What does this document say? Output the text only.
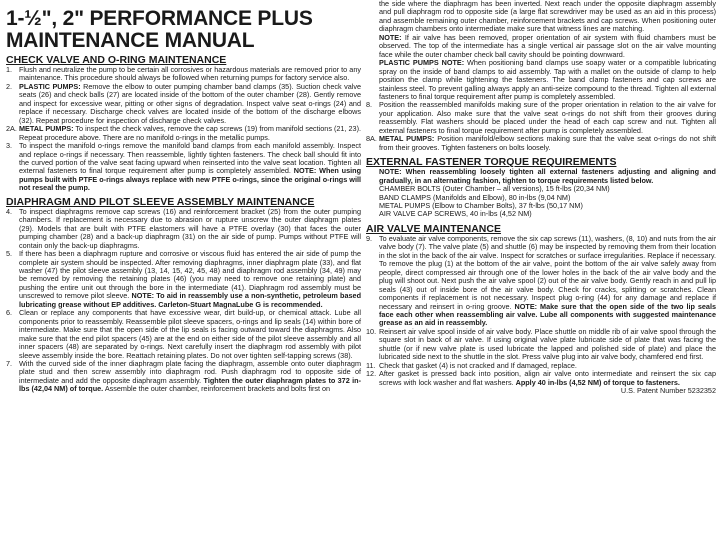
1-½", 2" PERFORMANCE PLUS
MAINTENANCE MANUAL
CHECK VALVE AND O-RING MAINTENANCE
1. Flush and neutralize the pump to be certain all corrosives or hazardous materials are removed prior to any maintenance. This procedure should always be followed when returning pumps for factory service also.
2. PLASTIC PUMPS: Remove the elbow to outer pumping chamber band clamps (35). Suction check valve seats (26) and check balls (27) are located inside of the bottom of the outer chamber (28). Gently remove and inspect for excessive wear, pitting or other signs of degradation. Inspect valve seat o-rings (24) and replace if necessary. Discharge check valves are located inside of the bottom of the discharge elbows (32). Repeat procedure for inspection of discharge check valves.
2A. METAL PUMPS: To inspect the check valves, remove the cap screws (19) from manifold sections (21, 23). Repeat procedure above. There are no manifold o-rings in the metallic pumps.
3. To inspect the manifold o-rings remove the manifold band clamps from each manifold assembly. Inspect and replace o-rings if necessary. Then reassemble, lightly tighten fasteners. The check ball should fit into the curved portion of the valve seat facing upward when reinserted into the valve seat location. Tighten all external fasteners to final torque requirement after pump is completely assembled. NOTE: When using pumps built with PTFE o-rings always replace with new PTFE o-rings, since the original o-rings will not reseal the pump.
DIAPHRAGM AND PILOT SLEEVE ASSEMBLY MAINTENANCE
4. To inspect diaphragms remove cap screws (16) and reinforcement bracket (25) from the outer pumping chambers. If replacement is necessary due to abrasion or rupture unscrew the outer diaphragm plates (29). Models that are built with PTFE elastomers will have a PTFE overlay (30) that faces the outer pumping chamber (28) and a back-up diaphragm (31) on the air side of pump. Pumps without PTFE will contain only the back-up diaphragms.
5. If there has been a diaphragm rupture and corrosive or viscous fluid has entered the air side of pump the complete air system should be inspected. After removing diaphragms, inner diaphragm plate (33), and flat washer (47) the pilot sleeve assembly (13, 14, 15, 42, 45, 48) and diaphragm rod assembly (34, 49) may be removed by removing the retaining plates (46) (you may need to remove one retaining plate) and pushing the entire unit out through the bore in the intermediate (41). Diaphragm rod assembly must be unscrewed to remove pilot sleeve. NOTE: To aid in reassembly use a non-synthetic, petroleum based lubricating grease without EP additives. Carleton-Stuart MagnaLube G is recommended.
6. Clean or replace any components that have excessive wear, dirt build-up, or chemical attack. Lube all components prior to reassembly. Reassemble pilot sleeve spacers, o-rings and lip seals (14) within bore of intermediate. Make sure that the open side of the lip seals is facing outward toward the diaphragms. Also make sure that the end pilot spacers (45) are at the end on either side of the pilot sleeve assembly and all inner spacers (48) are separated by o-rings. Next carefully insert the diaphragm rod assembly with pilot sleeve assembly inside the bore. Reattach retaining plates. Do not over tighten self-tapping screws (38).
7. With the curved side of the inner diaphragm plate facing the diaphragm, assemble onto outer diaphragm plate stud and then screw assembly into diaphragm rod. Push diaphragm rod to opposite side of intermediate and add the opposite diaphragm assembly. Tighten the outer diaphragm plates to 372 in-lbs (42,04 NM) of torque. Assemble the outer chamber, reinforcement brackets and bolts first on
the side where the diaphragm has been inverted. Next reach under the opposite diaphragm assembly and pull diaphragm rod to opposite side (a large flat screwdriver may be used as an aid in this process) and assemble remaining outer chamber, reinforcement brackets and cap screws. When positioning outer diaphragm chambers onto intermediate make sure that witness lines are matching.
NOTE: If air valve has been removed, proper orientation of air system with fluid chambers must be observed. The top of the intermediate has a single vertical air passage slot on the air valve mounting face while the outer chamber check ball cavity should be pointing downward.
PLASTIC PUMPS NOTE: When positioning band clamps use soapy water or a compatible lubricating spray on the inside of band clamps to aid assembly. Tap with a mallet on the outside of clamp to help position the clamp while tightening the fasteners. The band clamp fasteners and cap screws are stainless steel. To prevent galling always apply an anti-seize compound to the thread. Tighten all external fasteners to final torque requirement after pump is completely assembled.
8. Position the reassembled manifolds making sure of the proper orientation in relation to the air valve for your application. Also make sure that the valve seat o-rings do not shift from their grooves during reassembly. Flat washers should be placed under the head of each cap screw and nut. Tighten all external fasteners to final torque requirement after pump is completely assembled.
8A. METAL PUMPS: Position manifold/elbow sections making sure that the valve seat o-rings do not shift from their grooves. Tighten fasteners on bolts loosely.
EXTERNAL FASTENER TORQUE REQUIREMENTS
NOTE: When reassembling loosely tighten all external fasteners adjusting and aligning and gradually, in an alternating fashion, tighten to torque requirements listed below.
CHAMBER BOLTS (Outer Chamber – all versions), 15 ft-lbs (20,34 NM)
BAND CLAMPS (Manifolds and Elbow), 80 in-lbs (9,04 NM)
METAL PUMPS (Elbow to Chamber Bolts), 37 ft-lbs (50,17 NM)
AIR VALVE CAP SCREWS, 40 in-lbs (4,52 NM)
AIR VALVE MAINTENANCE
9. To evaluate air valve components, remove the six cap screws (11), washers, (8, 10) and nuts from the air valve body (7). The valve plate (5) and shuttle (6) may be inspected by removing them from their location in the slot in the back of the air valve. Inspect for scratches or surface irregularities. Replace if necessary. To remove the plug (1) at the bottom of the air valve, point the bottom of the air valve safely away from people, direct compressed air through one of the lower holes in the back of the air valve body and the plug will shoot out. Next push the air valve spool (2) out of the air valve body. Gently reach in and pull lip seals (43) out of inside bore of the air valve body. Check for cracks, splitting or scratches. Clean components if replacement is not necessary. Inspect plug o-ring (44) for any damage and replace if necessary and reinsert in o-ring groove. NOTE: Make sure that the open side of the two lip seals face each other when reassembling air valve. Lube all components with suggested maintenance grease as an aid in reassembly.
10. Reinsert air valve spool inside of air valve body. Place shuttle on middle rib of air valve spool through the square slot in back of air valve. If using original valve plate lubricate side of plate that was facing the shuttle (or if new valve plate is used lubricate the lapped and polished side of plate) and place the lubricated side next to the shuttle in the slot. Press valve plug into air valve body, chamfered end first.
11. Check that gasket (4) is not cracked and If damaged, replace.
12. After gasket is pressed back into position, align air valve onto intermediate and reinsert the six cap screws with lock washer and flat washers. Apply 40 in-lbs (4,52 NM) of torque to fasteners.
U.S. Patent Number 5232352
